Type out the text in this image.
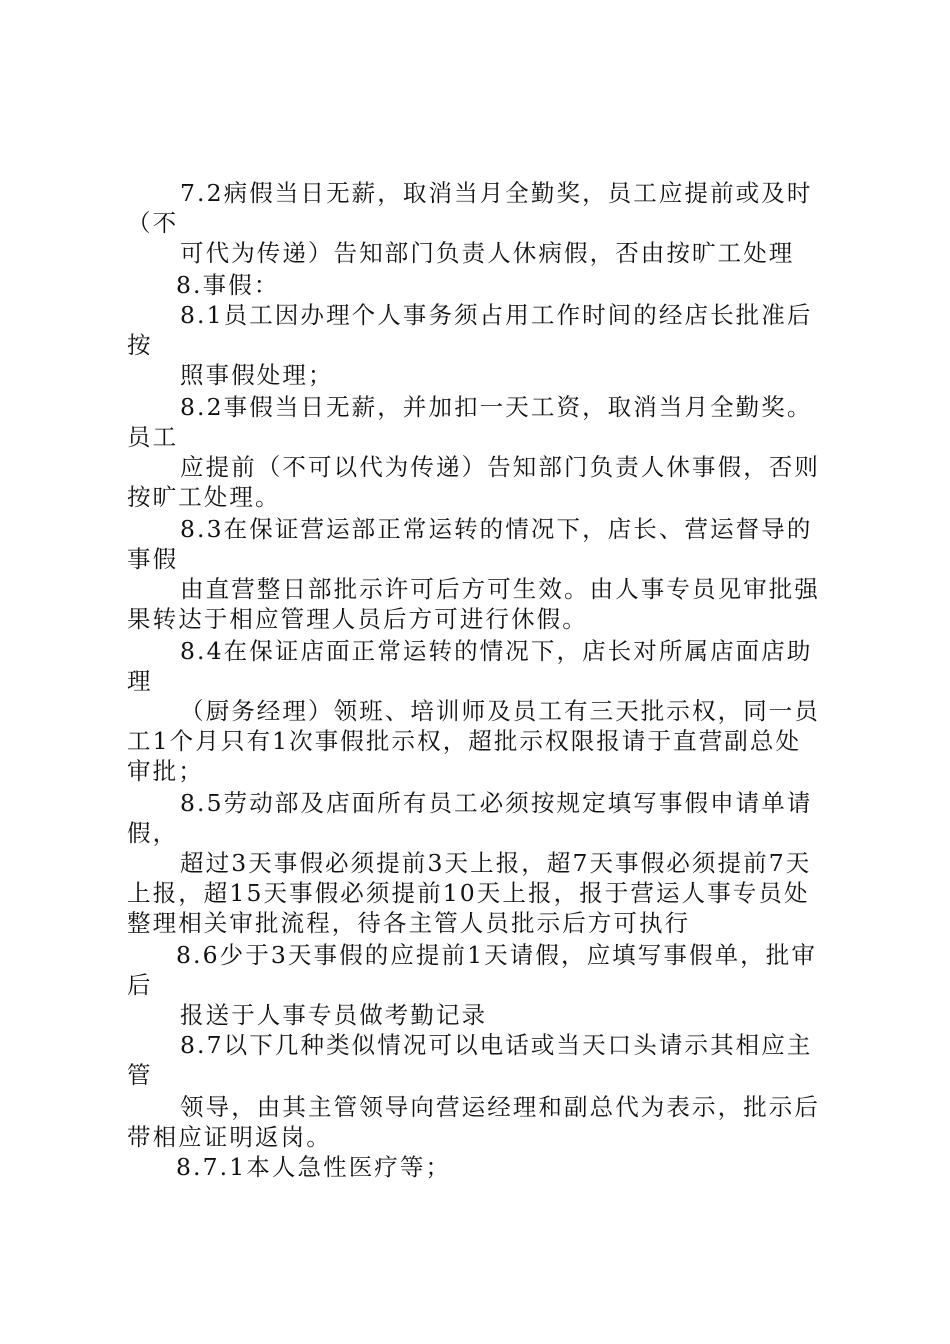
7.2病假当日无薪，取消当月全勤奖，员工应提前或及时
（不
可代为传递）告知部门负责人休病假，否由按旷工处理
8.事假：
8.1员工因办理个人事务须占用工作时间的经店长批准后
按
照事假处理；
8.2事假当日无薪，并加扣一天工资，取消当月全勤奖。
员工
应提前（不可以代为传递）告知部门负责人休事假，否则
按旷工处理。
8.3在保证营运部正常运转的情况下，店长、营运督导的
事假
由直营整日部批示许可后方可生效。由人事专员见审批强
果转达于相应管理人员后方可进行休假。
8.4在保证店面正常运转的情况下，店长对所属店面店助
理
（厨务经理）领班、培训师及员工有三天批示权，同一员
工1个月只有1次事假批示权，超批示权限报请于直营副总处
审批；
8.5劳动部及店面所有员工必须按规定填写事假申请单请
假，
超过3天事假必须提前3天上报，超7天事假必须提前7天
上报，超15天事假必须提前10天上报，报于营运人事专员处
整理相关审批流程，待各主管人员批示后方可执行
8.6少于3天事假的应提前1天请假，应填写事假单，批审
后
报送于人事专员做考勤记录
8.7以下几种类似情况可以电话或当天口头请示其相应主
管
领导，由其主管领导向营运经理和副总代为表示，批示后
带相应证明返岗。
8.7.1本人急性医疗等；
